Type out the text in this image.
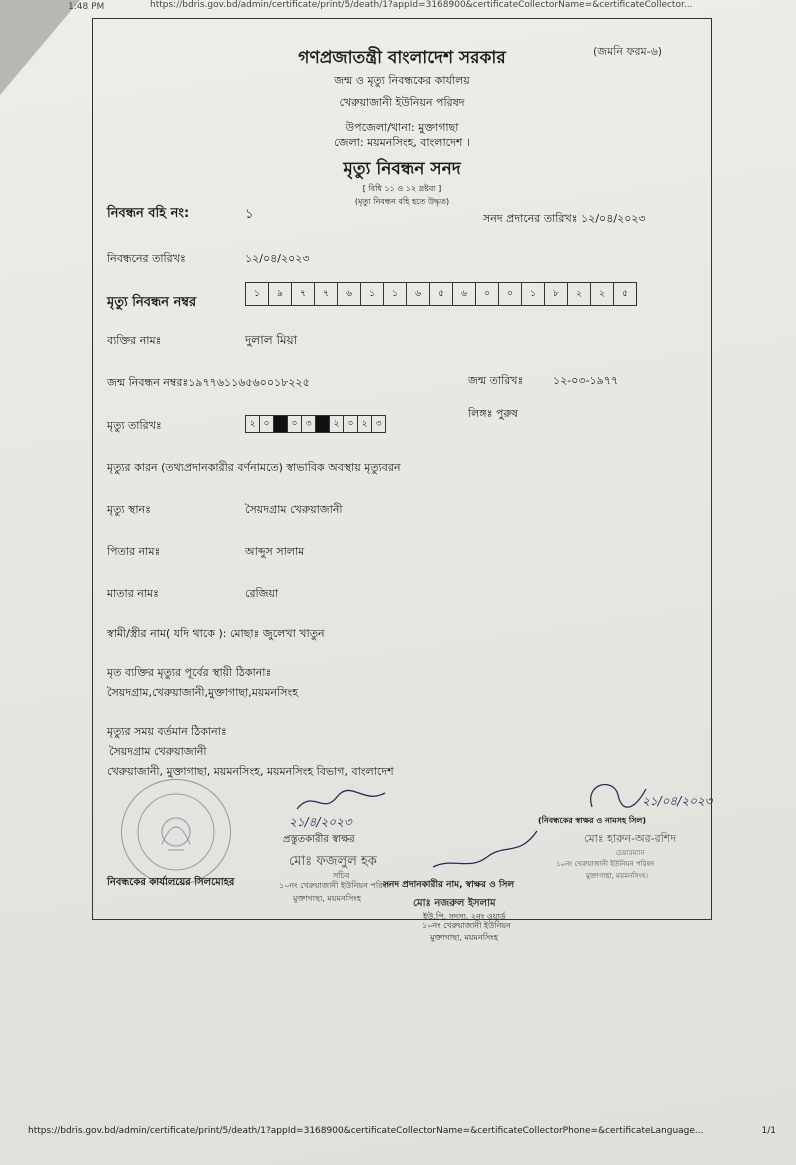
1:48 PM	https://bdris.gov.bd/admin/certificate/print/5/death/1?appId=3168900&certificateCollectorName=&certificateCollector...
(জমনি ফরম-৬)
গণপ্রজাতন্ত্রী বাংলাদেশ সরকার
জন্ম ও মৃত্যু নিবন্ধকের কার্যালয়
খেরুয়াজানী ইউনিয়ন পরিষদ
উপজেলা/থানা: মুক্তাগাছা
জেলা: ময়মনসিংহ, বাংলাদেশ ।
মৃত্যু নিবন্ধন সনদ
[ বিধি ১১ ও ১২ দ্রষ্টব্য ]
(মৃত্যু নিবন্ধন বহি হতে উদ্ধৃত)
নিবন্ধন বহি নং:	১	সনদ প্রদানের তারিখঃ ১২/০৪/২০২৩
নিবন্ধনের তারিখঃ	১২/০৪/২০২৩
মৃত্যু নিবন্ধন নম্বর
১	৯	৭	৭	৬	১	১	৬	৫	৬	০	০	১	৮	২	২	৫
ব্যক্তির নামঃ	দুলাল মিয়া
জন্ম নিবন্ধন নম্বরঃ১৯৭৭৬১১৬৫৬০০১৮২২৫	জন্ম তারিখঃ	১২-০৩-১৯৭৭
লিঙ্গঃ পুরুষ
মৃত্যু তারিখঃ	২ ০	০ ৩	২ ০ ২ ৩
মৃত্যুর কারন (তথ্যপ্রদানকারীর বর্ণনামতে) স্বাভাবিক অবস্থায় মৃত্যুবরন
মৃত্যু স্থানঃ	সৈয়দগ্রাম খেরুয়াজানী
পিতার নামঃ	আব্দুস সালাম
মাতার নামঃ	রেজিয়া
স্বামী/স্ত্রীর নাম( যদি থাকে ): মোছাঃ জুলেখা খাতুন
মৃত ব্যক্তির মৃত্যুর পূর্বের স্থায়ী ঠিকানাঃ
সৈয়দগ্রাম,খেরুয়াজানী,মুক্তাগাছা,ময়মনসিংহ
মৃত্যুর সময় বর্তমান ঠিকানাঃ
সৈয়দগ্রাম খেরুয়াজানী
খেরুয়াজানী, মুক্তাগাছা, ময়মনসিংহ, ময়মনসিংহ বিভাগ, বাংলাদেশ
২১/৪/২০২৩
প্রস্তুতকারীর স্বাক্ষর
মোঃ ফজলুল হক
সচিব
নিবন্ধকের কার্যালয়ের সিলমোহর	১০নং খেরুয়াজানী ইউনিয়ন পরিষদ
মুক্তাগাছা, ময়মনসিংহ
সনদ প্রদানকারীর নাম, স্বাক্ষর ও সিল
মোঃ নজরুল ইসলাম
ইউ.পি. সদস্য, ২নং ওয়ার্ড
১০নং খেরুয়াজানী ইউনিয়ন
মুক্তাগাছা, ময়মনসিংহ
২১/০৪/২০২৩
(নিবন্ধকের স্বাক্ষর ও নামসহ সিল)
মোঃ হারুন-অর-রশিদ
চেয়ারম্যান
১০নং খেরুয়াজানী ইউনিয়ন পরিষদ
মুক্তাগাছা, ময়মনসিংহ।
https://bdris.gov.bd/admin/certificate/print/5/death/1?appId=3168900&certificateCollectorName=&certificateCollectorPhone=&certificateLanguage...	1/1
